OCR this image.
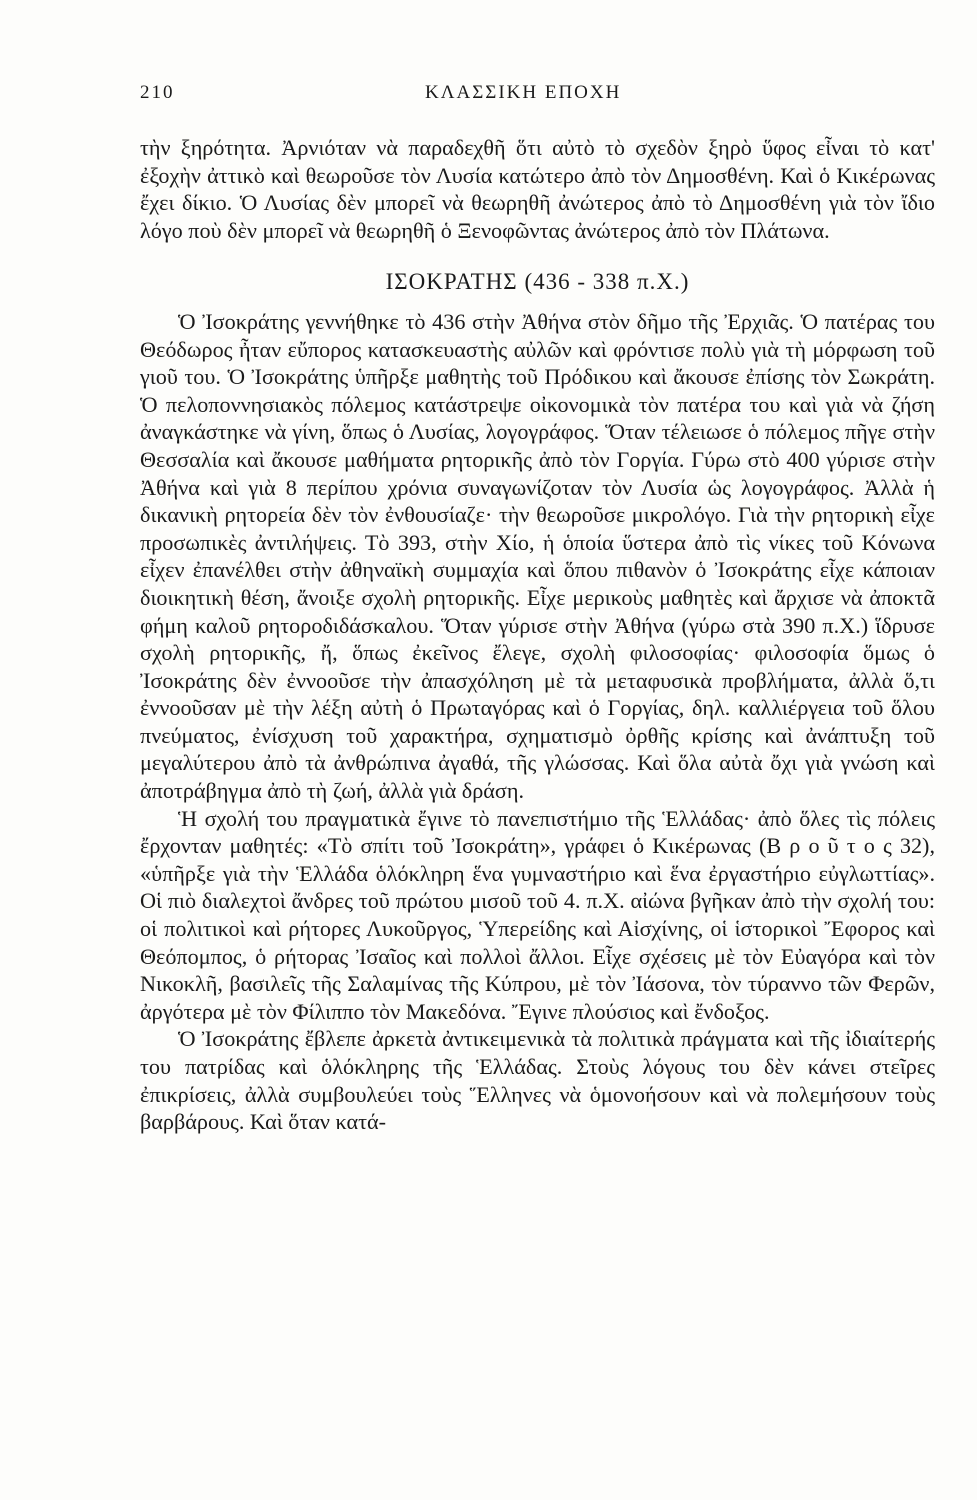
210	ΚΛΑΣΣΙΚΗ ΕΠΟΧΗ

τὴν ξηρότητα. Ἀρνιόταν νὰ παραδεχθῆ ὅτι αὐτὸ τὸ σχεδὸν ξηρὸ ὕφος εἶναι τὸ κατ' ἐξοχὴν ἀττικὸ καὶ θεωροῦσε τὸν Λυσία κατώτερο ἀπὸ τὸν Δημοσθένη. Καὶ ὁ Κικέρωνας ἔχει δίκιο. Ὁ Λυσίας δὲν μπορεῖ νὰ θεωρηθῆ ἀνώτερος ἀπὸ τὸ Δημοσθένη γιὰ τὸν ἴδιο λόγο ποὺ δὲν μπορεῖ νὰ θεωρηθῆ ὁ Ξενοφῶντας ἀνώτερος ἀπὸ τὸν Πλάτωνα.

ΙΣΟΚΡΑΤΗΣ (436 - 338 π.Χ.)

Ὁ Ἰσοκράτης γεννήθηκε τὸ 436 στὴν Ἀθήνα στὸν δῆμο τῆς Ἐρχιᾶς. Ὁ πατέρας του Θεόδωρος ἦταν εὔπορος κατασκευαστὴς αὐλῶν καὶ φρόντισε πολὺ γιὰ τὴ μόρφωση τοῦ γιοῦ του. Ὁ Ἰσοκράτης ὑπῆρξε μαθητὴς τοῦ Πρόδικου καὶ ἄκουσε ἐπίσης τὸν Σωκράτη. Ὁ πελοποννησιακὸς πόλεμος κατάστρεψε οἰκονομικὰ τὸν πατέρα του καὶ γιὰ νὰ ζήση ἀναγκάστηκε νὰ γίνη, ὅπως ὁ Λυσίας, λογογράφος. Ὅταν τέλειωσε ὁ πόλεμος πῆγε στὴν Θεσσαλία καὶ ἄκουσε μαθήματα ρητορικῆς ἀπὸ τὸν Γοργία. Γύρω στὸ 400 γύρισε στὴν Ἀθήνα καὶ γιὰ 8 περίπου χρόνια συναγωνίζοταν τὸν Λυσία ὡς λογογράφος. Ἀλλὰ ἡ δικανικὴ ρητορεία δὲν τὸν ἐνθουσίαζε· τὴν θεωροῦσε μικρολόγο. Γιὰ τὴν ρητορικὴ εἶχε προσωπικὲς ἀντιλήψεις. Τὸ 393, στὴν Χίο, ἡ ὁποία ὕστερα ἀπὸ τὶς νίκες τοῦ Κόνωνα εἶχεν ἐπανέλθει στὴν ἀθηναϊκὴ συμμαχία καὶ ὅπου πιθανὸν ὁ Ἰσοκράτης εἶχε κάποιαν διοικητικὴ θέση, ἄνοιξε σχολὴ ρητορικῆς. Εἶχε μερικοὺς μαθητὲς καὶ ἄρχισε νὰ ἀποκτᾶ φήμη καλοῦ ρητοροδιδάσκαλου. Ὅταν γύρισε στὴν Ἀθήνα (γύρω στὰ 390 π.Χ.) ἵδρυσε σχολὴ ρητορικῆς, ἤ, ὅπως ἐκεῖνος ἔλεγε, σχολὴ φιλοσοφίας· φιλοσοφία ὅμως ὁ Ἰσοκράτης δὲν ἐννοοῦσε τὴν ἀπασχόληση μὲ τὰ μεταφυσικὰ προβλήματα, ἀλλὰ ὅ,τι ἐννοοῦσαν μὲ τὴν λέξη αὐτὴ ὁ Πρωταγόρας καὶ ὁ Γοργίας, δηλ. καλλιέργεια τοῦ ὅλου πνεύματος, ἐνίσχυση τοῦ χαρακτήρα, σχηματισμὸ ὀρθῆς κρίσης καὶ ἀνάπτυξη τοῦ μεγαλύτερου ἀπὸ τὰ ἀνθρώπινα ἀγαθά, τῆς γλώσσας. Καὶ ὅλα αὐτὰ ὄχι γιὰ γνώση καὶ ἀποτράβηγμα ἀπὸ τὴ ζωή, ἀλλὰ γιὰ δράση.

Ἡ σχολή του πραγματικὰ ἔγινε τὸ πανεπιστήμιο τῆς Ἑλλάδας· ἀπὸ ὅλες τὶς πόλεις ἔρχονταν μαθητές: «Τὸ σπίτι τοῦ Ἰσοκράτη», γράφει ὁ Κικέρωνας (Β ρ ο ῦ τ ο ς 32), «ὑπῆρξε γιὰ τὴν Ἑλλάδα ὁλόκληρη ἕνα γυμναστήριο καὶ ἕνα ἐργαστήριο εὐγλωττίας». Οἱ πιὸ διαλεχτοὶ ἄνδρες τοῦ πρώτου μισοῦ τοῦ 4. π.Χ. αἰώνα βγῆκαν ἀπὸ τὴν σχολή του: οἱ πολιτικοὶ καὶ ρήτορες Λυκοῦργος, Ὑπερείδης καὶ Αἰσχίνης, οἱ ἱστορικοὶ Ἔφορος καὶ Θεόπομπος, ὁ ρήτορας Ἰσαῖος καὶ πολλοὶ ἄλλοι. Εἶχε σχέσεις μὲ τὸν Εὐαγόρα καὶ τὸν Νικοκλῆ, βασιλεῖς τῆς Σαλαμίνας τῆς Κύπρου, μὲ τὸν Ἰάσονα, τὸν τύραννο τῶν Φερῶν, ἀργότερα μὲ τὸν Φίλιππο τὸν Μακεδόνα. Ἔγινε πλούσιος καὶ ἔνδοξος.

Ὁ Ἰσοκράτης ἔβλεπε ἀρκετὰ ἀντικειμενικὰ τὰ πολιτικὰ πράγματα καὶ τῆς ἰδιαίτερής του πατρίδας καὶ ὁλόκληρης τῆς Ἑλλάδας. Στοὺς λόγους του δὲν κάνει στεῖρες ἐπικρίσεις, ἀλλὰ συμβουλεύει τοὺς Ἕλληνες νὰ ὁμονοήσουν καὶ νὰ πολεμήσουν τοὺς βαρβάρους. Καὶ ὅταν κατά-
